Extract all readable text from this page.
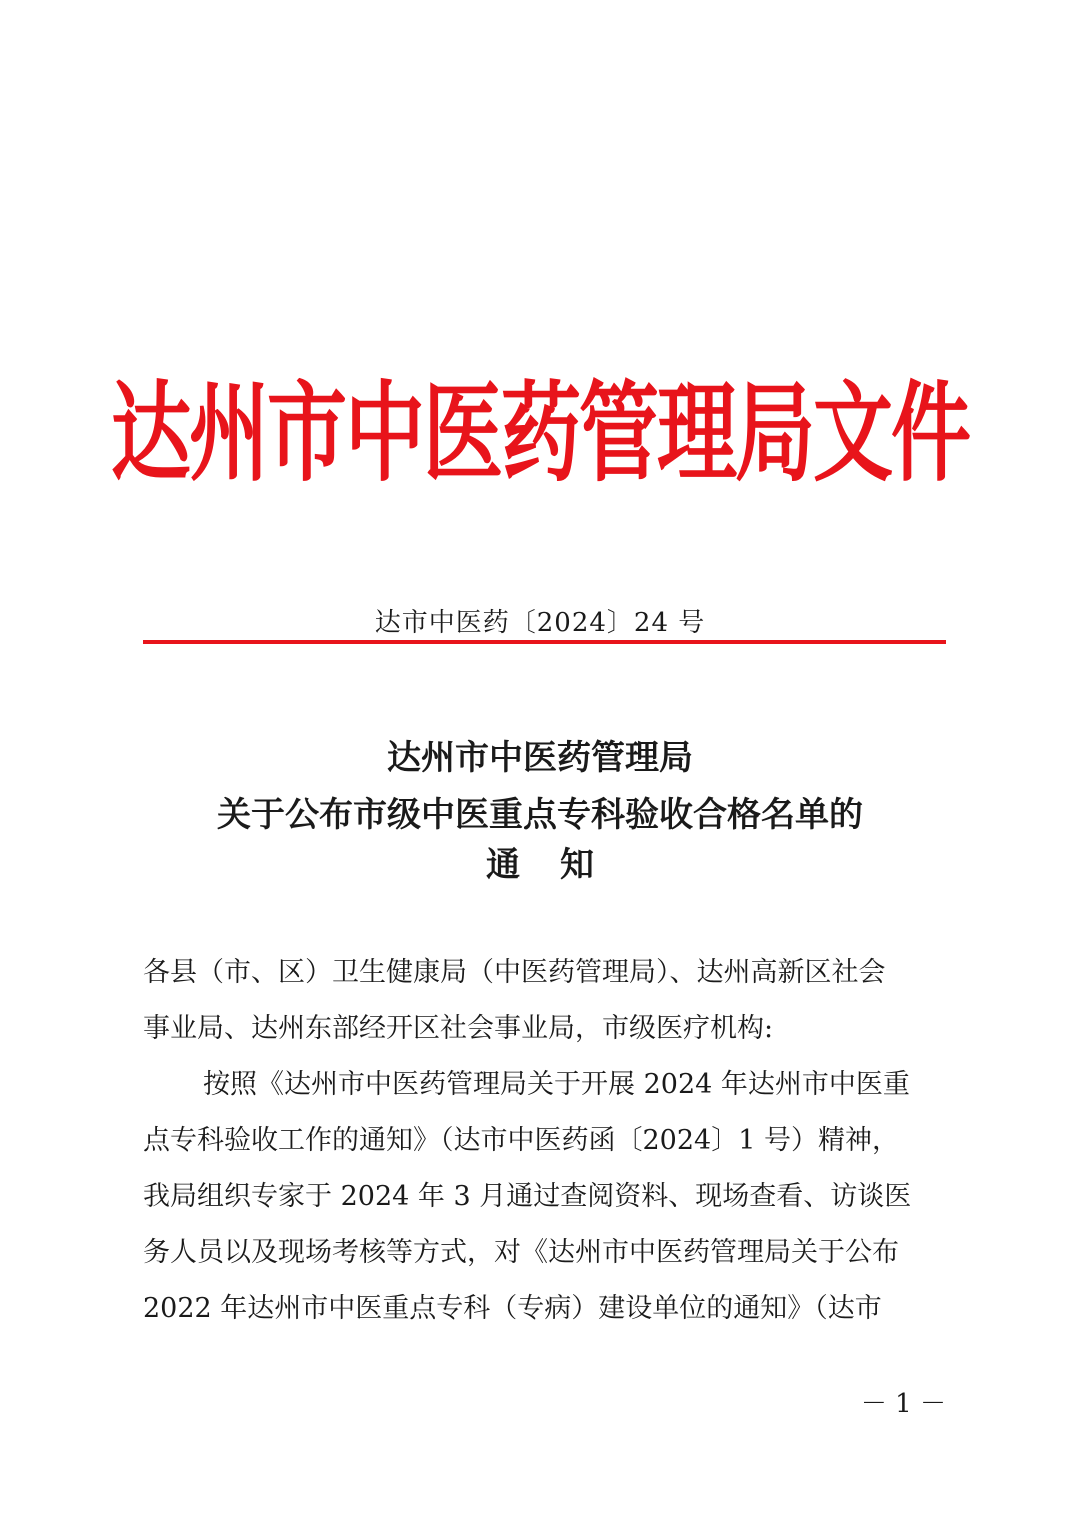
达州市中医药管理局文件
达市中医药〔2024〕24 号
达州市中医药管理局
关于公布市级中医重点专科验收合格名单的
通知
各县（市、区）卫生健康局（中医药管理局）、达州高新区社会
事业局、达州东部经开区社会事业局，市级医疗机构:
按照《达州市中医药管理局关于开展 2024 年达州市中医重
点专科验收工作的通知》（达市中医药函〔2024〕1 号）精神，
我局组织专家于 2024 年 3 月通过查阅资料、现场查看、访谈医
务人员以及现场考核等方式，对《达州市中医药管理局关于公布
2022 年达州市中医重点专科（专病）建设单位的通知》（达市
－ 1 －
